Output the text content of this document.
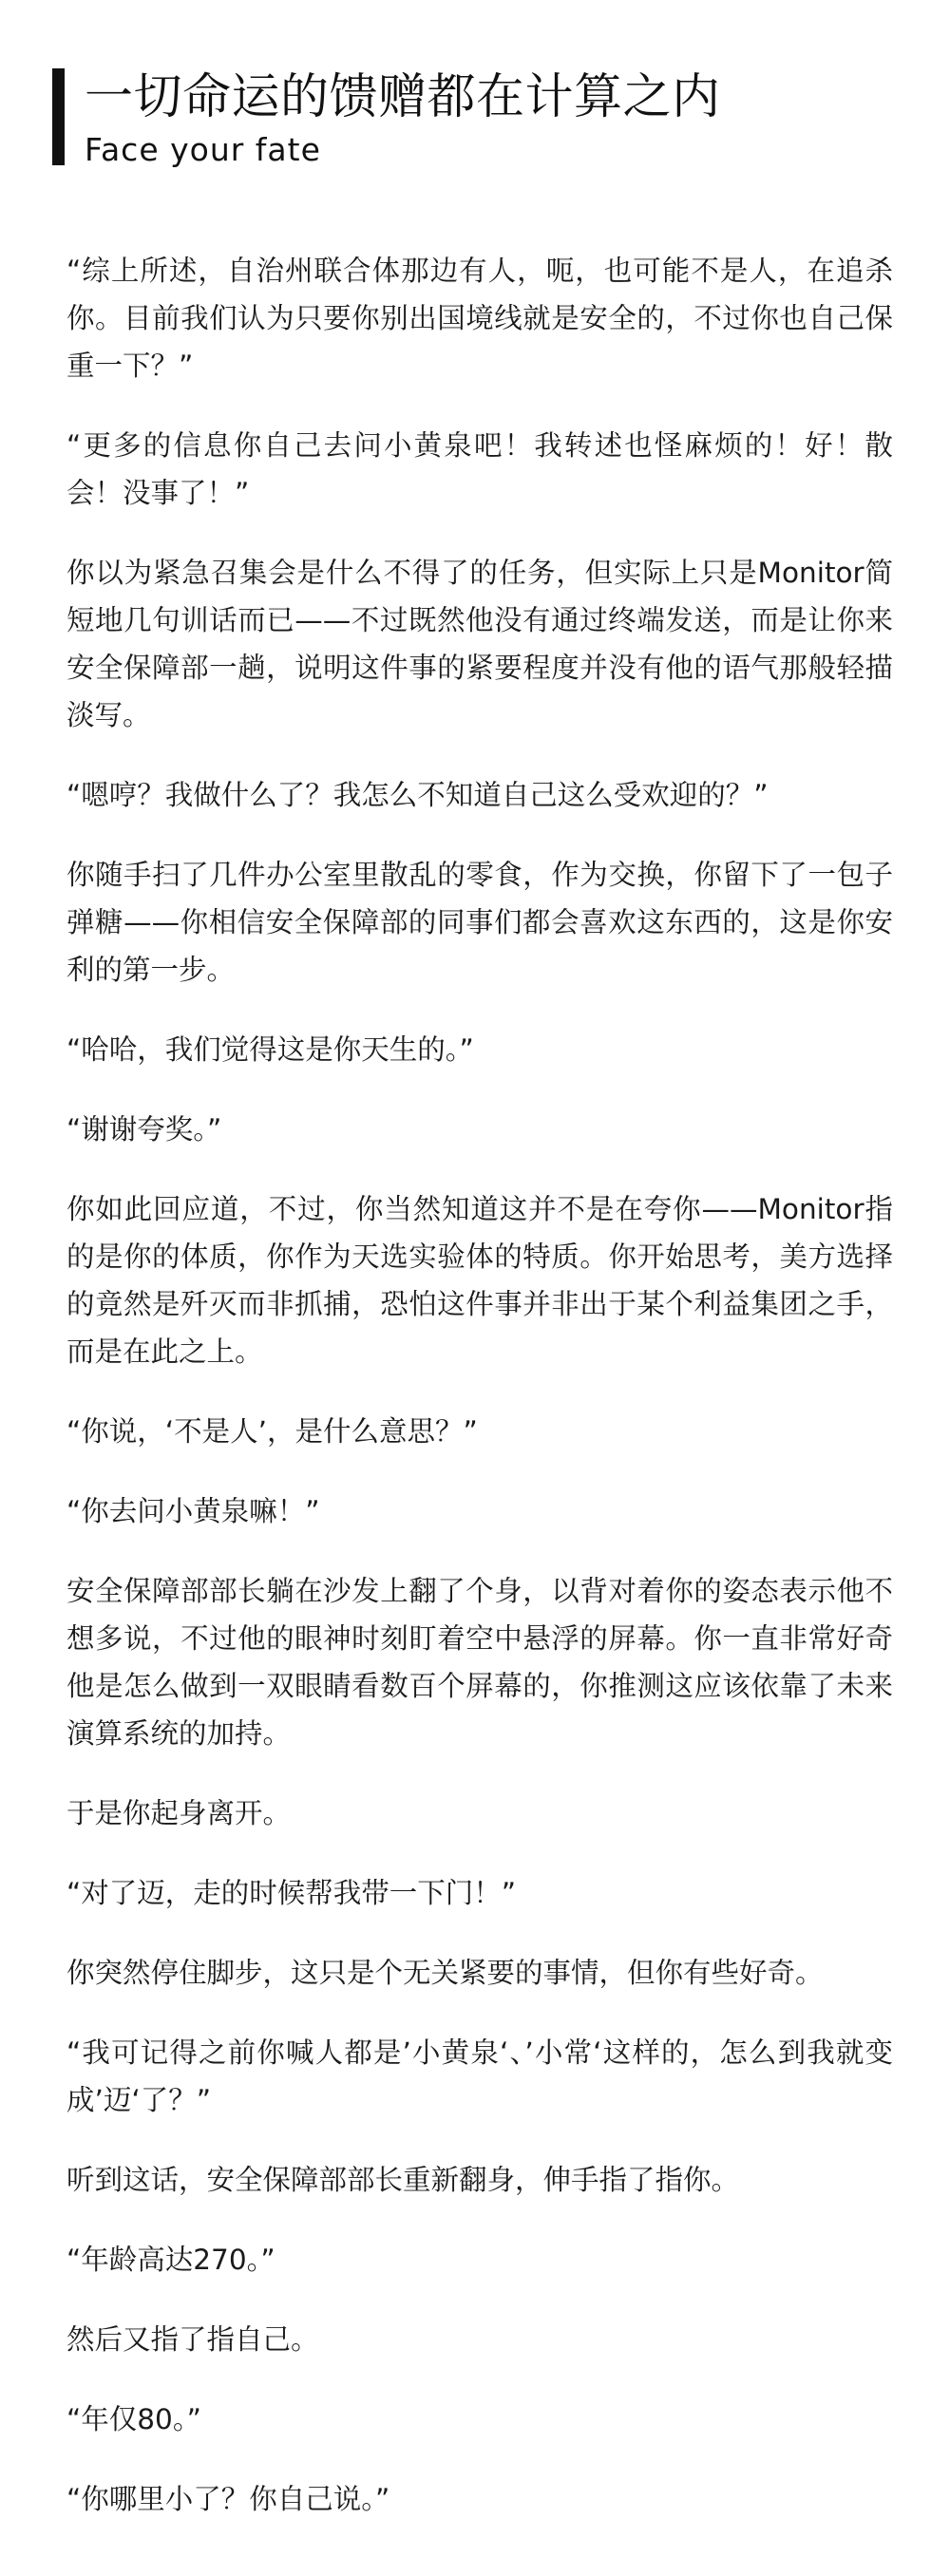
一切命运的馈赠都在计算之内
Face your fate

“综上所述，自治州联合体那边有人，呃，也可能不是人，在追杀你。目前我们认为只要你别出国境线就是安全的，不过你也自己保重一下？”

“更多的信息你自己去问小黄泉吧！我转述也怪麻烦的！好！散会！没事了！”

你以为紧急召集会是什么不得了的任务，但实际上只是Monitor简短地几句训话而已——不过既然他没有通过终端发送，而是让你来安全保障部一趟，说明这件事的紧要程度并没有他的语气那般轻描淡写。

“嗯哼？我做什么了？我怎么不知道自己这么受欢迎的？”

你随手扫了几件办公室里散乱的零食，作为交换，你留下了一包子弹糖——你相信安全保障部的同事们都会喜欢这东西的，这是你安利的第一步。

“哈哈，我们觉得这是你天生的。”

“谢谢夸奖。”

你如此回应道，不过，你当然知道这并不是在夸你——Monitor指的是你的体质，你作为天选实验体的特质。你开始思考，美方选择的竟然是歼灭而非抓捕，恐怕这件事并非出于某个利益集团之手，而是在此之上。

“你说，‘不是人’，是什么意思？”

“你去问小黄泉嘛！”

安全保障部部长躺在沙发上翻了个身，以背对着你的姿态表示他不想多说，不过他的眼神时刻盯着空中悬浮的屏幕。你一直非常好奇他是怎么做到一双眼睛看数百个屏幕的，你推测这应该依靠了未来演算系统的加持。

于是你起身离开。

“对了迈，走的时候帮我带一下门！”

你突然停住脚步，这只是个无关紧要的事情，但你有些好奇。

“我可记得之前你喊人都是’小黄泉‘、’小常‘这样的，怎么到我就变成’迈‘了？”

听到这话，安全保障部部长重新翻身，伸手指了指你。

“年龄高达270。”

然后又指了指自己。

“年仅80。”

“你哪里小了？你自己说。”
